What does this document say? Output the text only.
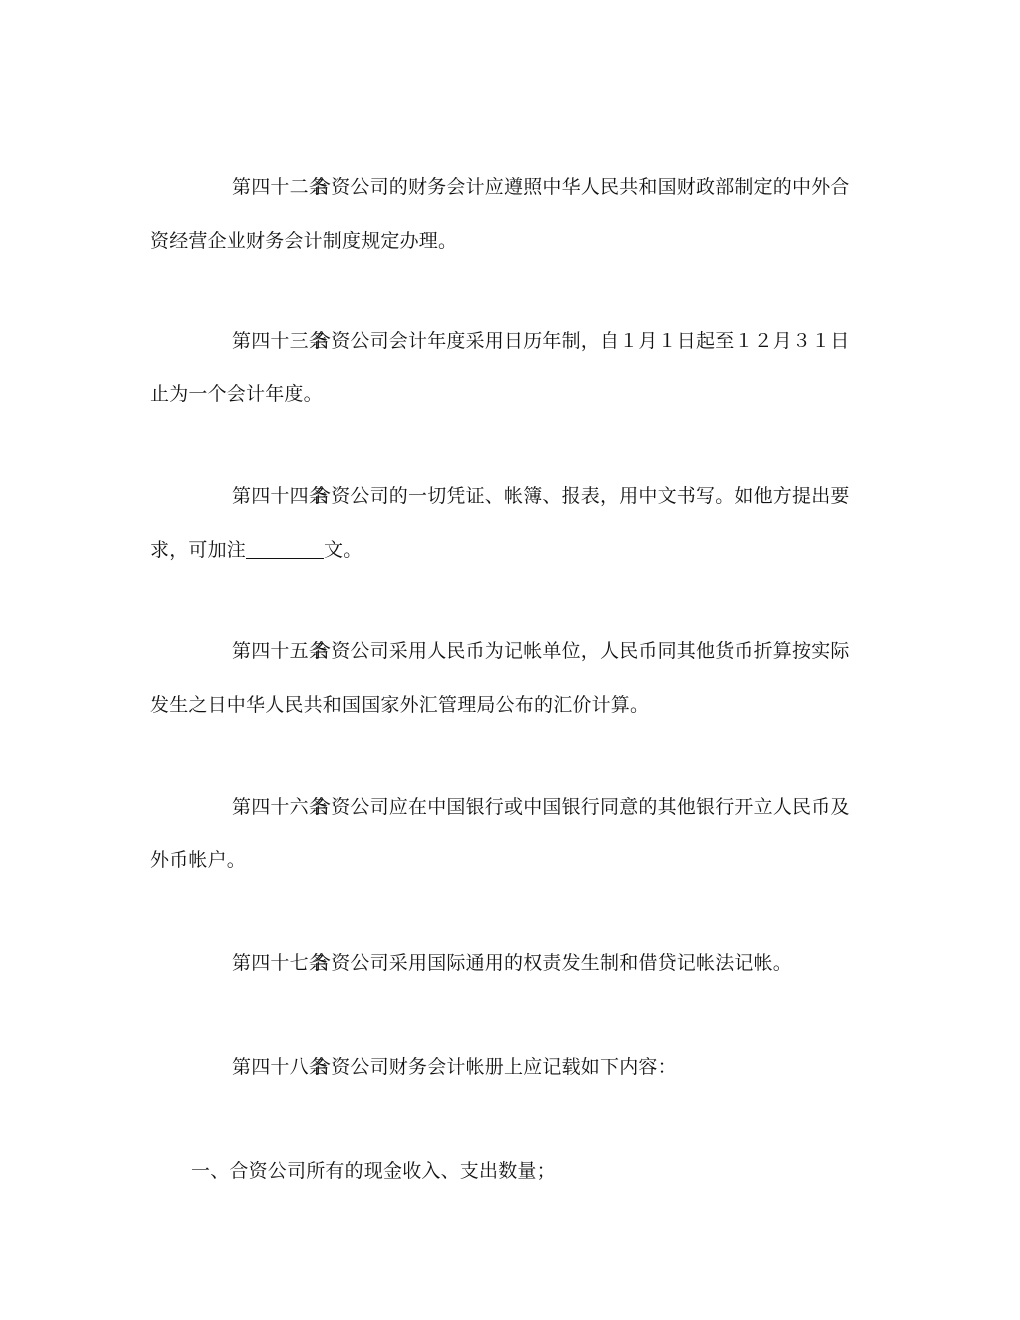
第四十二条合资公司的财务会计应遵照中华人民共和国财政部制定的中外合
资经营企业财务会计制度规定办理。
第四十三条合资公司会计年度采用日历年制，自１月１日起至１２月３１日
止为一个会计年度。
第四十四条合资公司的一切凭证、帐簿、报表，用中文书写。如他方提出要
求，可加注	文。
第四十五条合资公司采用人民币为记帐单位，人民币同其他货币折算按实际
发生之日中华人民共和国国家外汇管理局公布的汇价计算。
第四十六条合资公司应在中国银行或中国银行同意的其他银行开立人民币及
外币帐户。
第四十七条合资公司采用国际通用的权责发生制和借贷记帐法记帐。
第四十八条合资公司财务会计帐册上应记载如下内容：
一、合资公司所有的现金收入、支出数量；
